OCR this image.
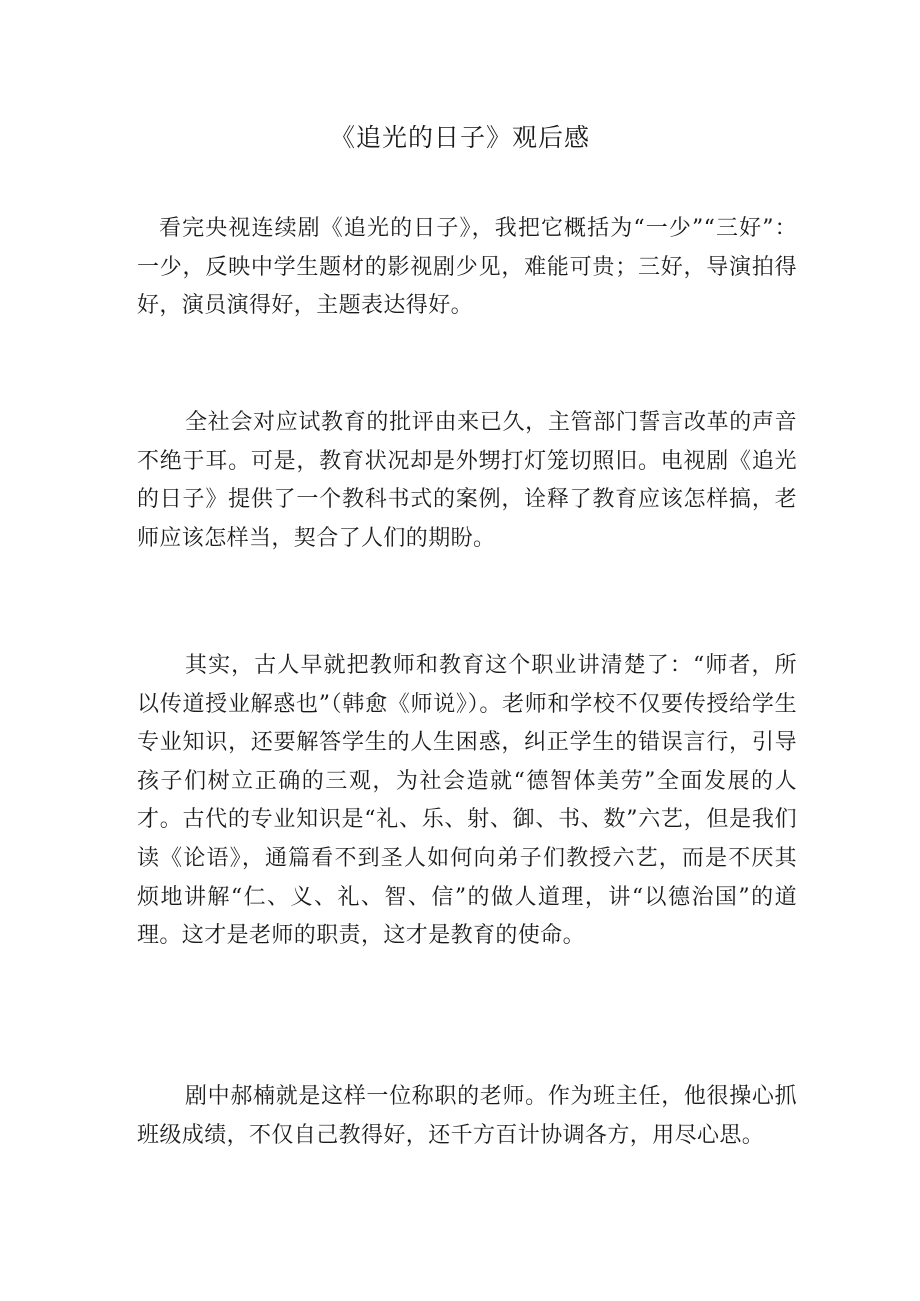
《追光的日子》观后感
看完央视连续剧《追光的日子》，我把它概括为“一少”“三好”：一少，反映中学生题材的影视剧少见，难能可贵；三好，导演拍得好，演员演得好，主题表达得好。
全社会对应试教育的批评由来已久，主管部门誓言改革的声音不绝于耳。可是，教育状况却是外甥打灯笼切照旧。电视剧《追光的日子》提供了一个教科书式的案例，诠释了教育应该怎样搞，老师应该怎样当，契合了人们的期盼。
其实，古人早就把教师和教育这个职业讲清楚了：“师者，所以传道授业解惑也”（韩愈《师说》）。老师和学校不仅要传授给学生专业知识，还要解答学生的人生困惑，纠正学生的错误言行，引导孩子们树立正确的三观，为社会造就“德智体美劳”全面发展的人才。古代的专业知识是“礼、乐、射、御、书、数”六艺，但是我们读《论语》，通篇看不到圣人如何向弟子们教授六艺，而是不厌其烦地讲解“仁、义、礼、智、信”的做人道理，讲“以德治国”的道理。这才是老师的职责，这才是教育的使命。
剧中郝楠就是这样一位称职的老师。作为班主任，他很操心抓班级成绩，不仅自己教得好，还千方百计协调各方，用尽心思。
